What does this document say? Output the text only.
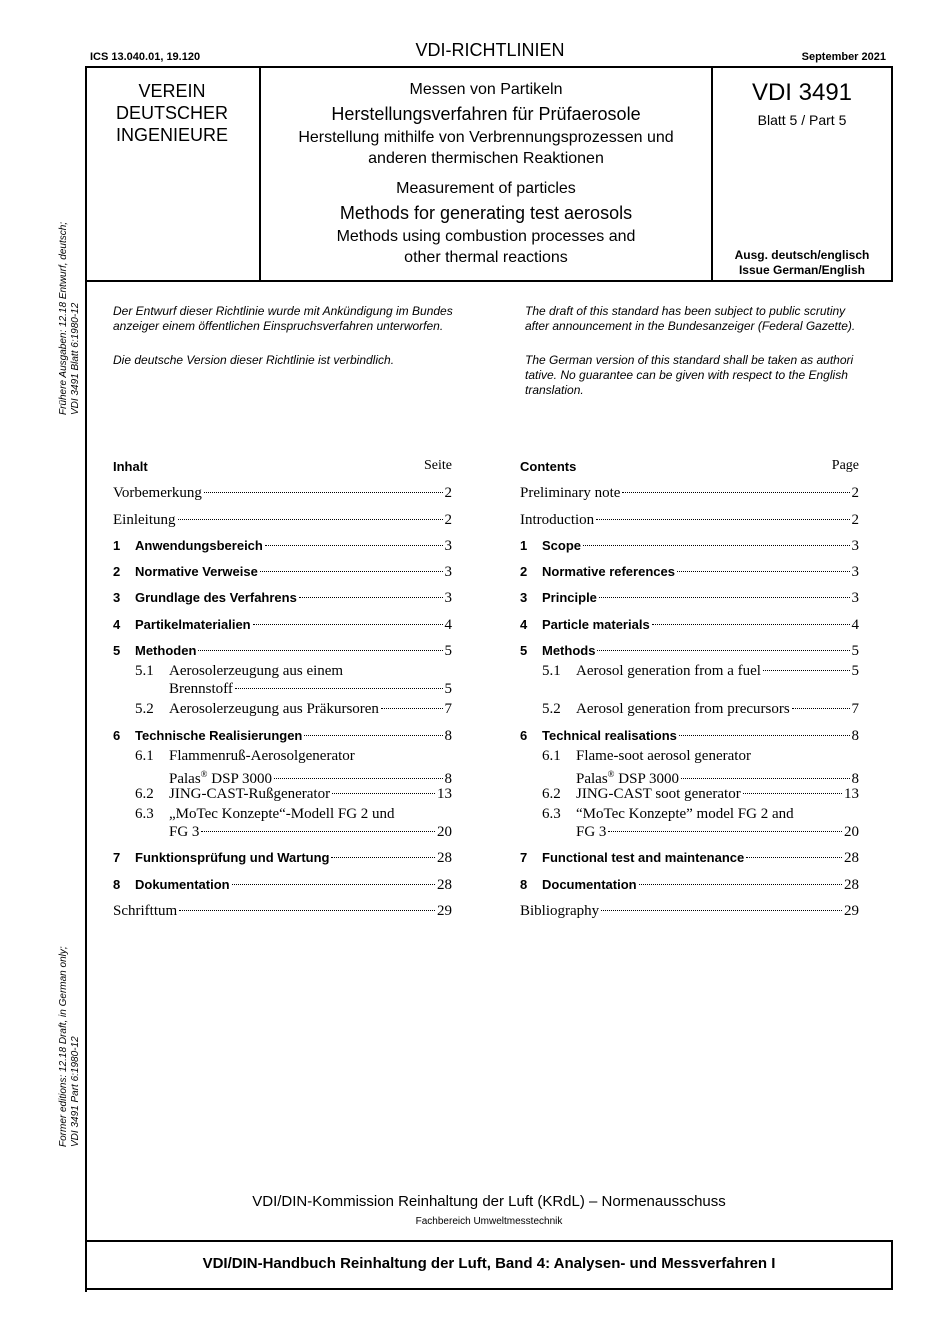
ICS 13.040.01, 19.120	VDI-RICHTLINIEN	September 2021
VEREIN
DEUTSCHER
INGENIEURE
Messen von Partikeln
Herstellungsverfahren für Prüfaerosole
Herstellung mithilfe von Verbrennungsprozessen und
anderen thermischen Reaktionen
Measurement of particles
Methods for generating test aerosols
Methods using combustion processes and
other thermal reactions
VDI 3491
Blatt 5 / Part 5
Ausg. deutsch/englisch
Issue German/English
Frühere Ausgaben: 12.18 Entwurf, deutsch; VDI 3491 Blatt 6:1980-12
Former editions: 12.18 Draft, in German only; VDI 3491 Part 6:1980-12
Der Entwurf dieser Richtlinie wurde mit Ankündigung im Bundes
anzeiger einem öffentlichen Einspruchsverfahren unterworfen.
Die deutsche Version dieser Richtlinie ist verbindlich.
The draft of this standard has been subject to public scrutiny
after announcement in the Bundesanzeiger (Federal Gazette).
The German version of this standard shall be taken as authori
tative. No guarantee can be given with respect to the English
translation.
Inhalt	Seite
Vorbemerkung	2
Einleitung	2
1	Anwendungsbereich	3
2	Normative Verweise	3
3	Grundlage des Verfahrens	3
4	Partikelmaterialien	4
5	Methoden	5
5.1	Aerosolerzeugung aus einem
Brennstoff	5
5.2	Aerosolerzeugung aus Präkursoren	7
6	Technische Realisierungen	8
6.1	Flammenruß-Aerosolgenerator
Palas® DSP 3000	8
6.2	JING-CAST-Rußgenerator	13
6.3	„MoTec Konzepte“-Modell FG 2 und
FG 3	20
7	Funktionsprüfung und Wartung	28
8	Dokumentation	28
Schrifttum	29
Contents	Page
Preliminary note	2
Introduction	2
1	Scope	3
2	Normative references	3
3	Principle	3
4	Particle materials	4
5	Methods	5
5.1	Aerosol generation from a fuel	5
5.2	Aerosol generation from precursors	7
6	Technical realisations	8
6.1	Flame-soot aerosol generator
Palas® DSP 3000	8
6.2	JING-CAST soot generator	13
6.3	“MoTec Konzepte” model FG 2 and
FG 3	20
7	Functional test and maintenance	28
8	Documentation	28
Bibliography	29
VDI/DIN-Kommission Reinhaltung der Luft (KRdL) – Normenausschuss
Fachbereich Umweltmesstechnik
VDI/DIN-Handbuch Reinhaltung der Luft, Band 4: Analysen- und Messverfahren I
